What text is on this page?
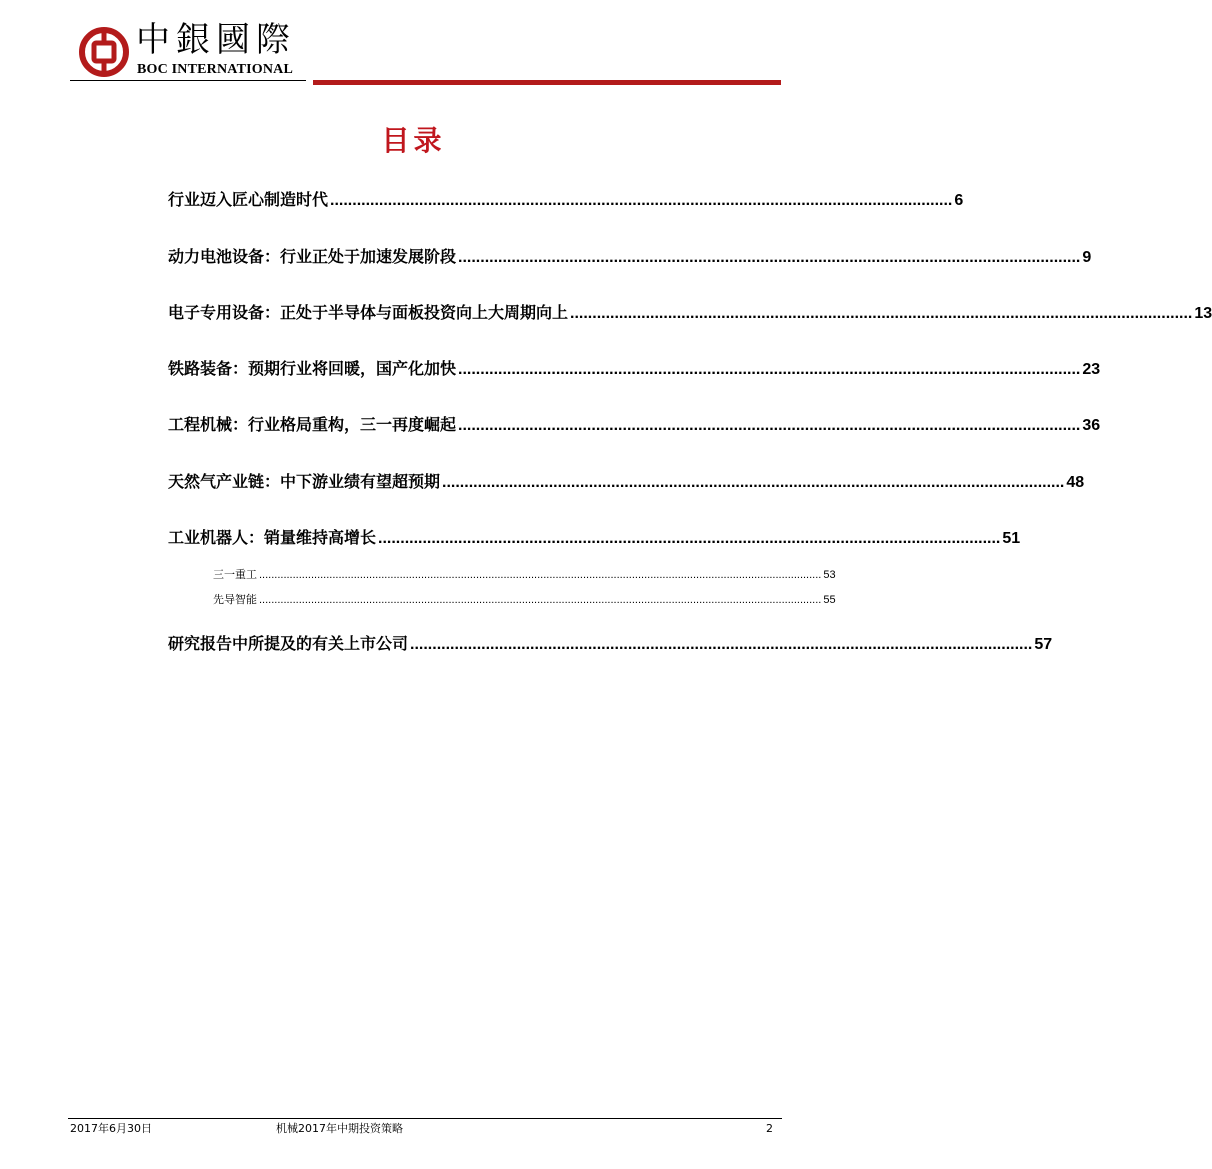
中銀國際
BOC INTERNATIONAL
目录
行业迈入匠心制造时代 ............................................................................................................................................ 6
动力电池设备：行业正处于加速发展阶段 ............................................................................................................................................ 9
电子专用设备：正处于半导体与面板投资向上大周期向上 ............................................................................................................................................ 13
铁路装备：预期行业将回暖，国产化加快 ............................................................................................................................................ 23
工程机械：行业格局重构，三一再度崛起 ............................................................................................................................................ 36
天然气产业链：中下游业绩有望超预期 ............................................................................................................................................ 48
工业机器人：销量维持高增长 ............................................................................................................................................ 51
三一重工 ........................................................................................................................................................................................ 53
先导智能 ........................................................................................................................................................................................ 55
研究报告中所提及的有关上市公司 ............................................................................................................................................ 57
2017年6月30日	机械2017年中期投资策略	2
